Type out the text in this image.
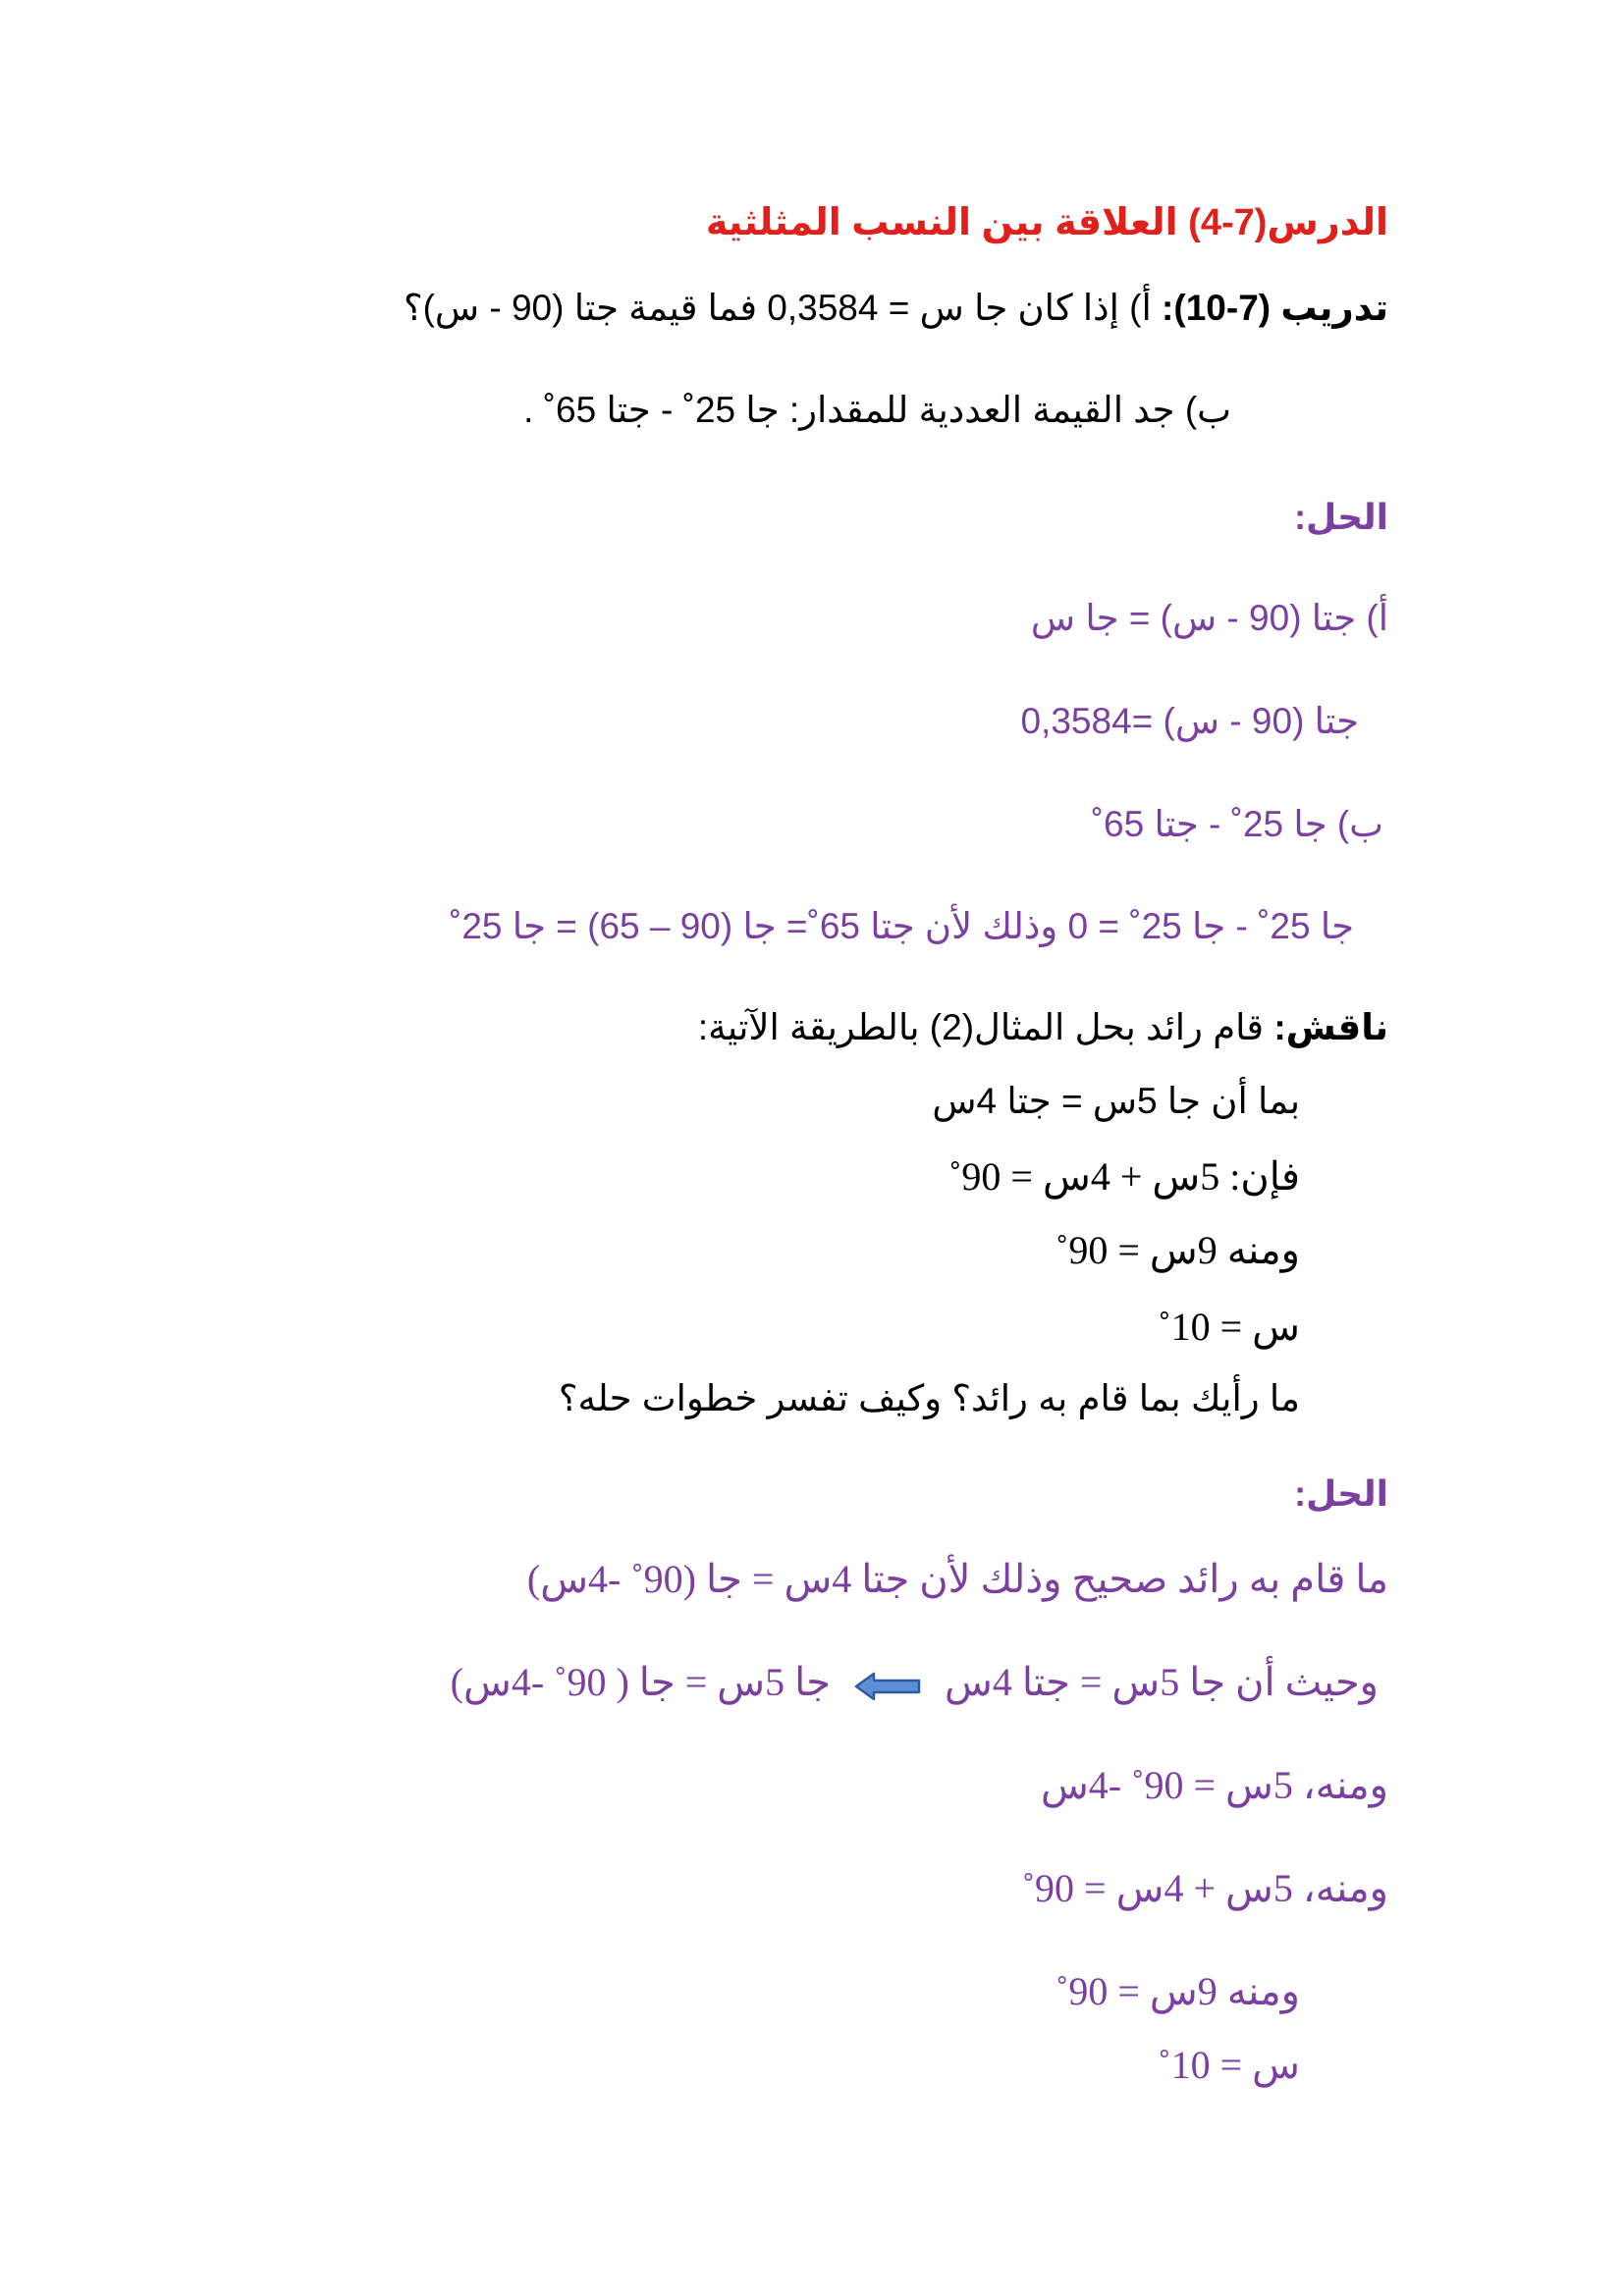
الدرس(7-4) العلاقة بين النسب المثلثية
تدريب (7-10): أ) إذا كان جا س = 0,3584 فما قيمة جتا (90 - س)؟
ب) جد القيمة العددية للمقدار: جا 25˚ - جتا 65˚ .
الحل:
أ) جتا (90 - س) = جا س
جتا (90 - س) =0,3584
ب) جا 25˚ - جتا 65˚
جا 25˚ - جا 25˚ = 0 وذلك لأن جتا 65˚= جا (90 – 65) = جا 25˚
ناقش: قام رائد بحل المثال(2) بالطريقة الآتية:
بما أن جا 5س = جتا 4س
فإن: 5س + 4س = 90˚
ومنه 9س = 90˚
س = 10˚
ما رأيك بما قام به رائد؟ وكيف تفسر خطوات حله؟
الحل:
ما قام به رائد صحيح وذلك لأن جتا 4س = جا (90˚ -4س)
وحيث أن جا 5س = جتا 4س  جا 5س = جا ( 90˚ -4س)
ومنه، 5س = 90˚ -4س
ومنه، 5س + 4س = 90˚
ومنه 9س = 90˚
س = 10˚
